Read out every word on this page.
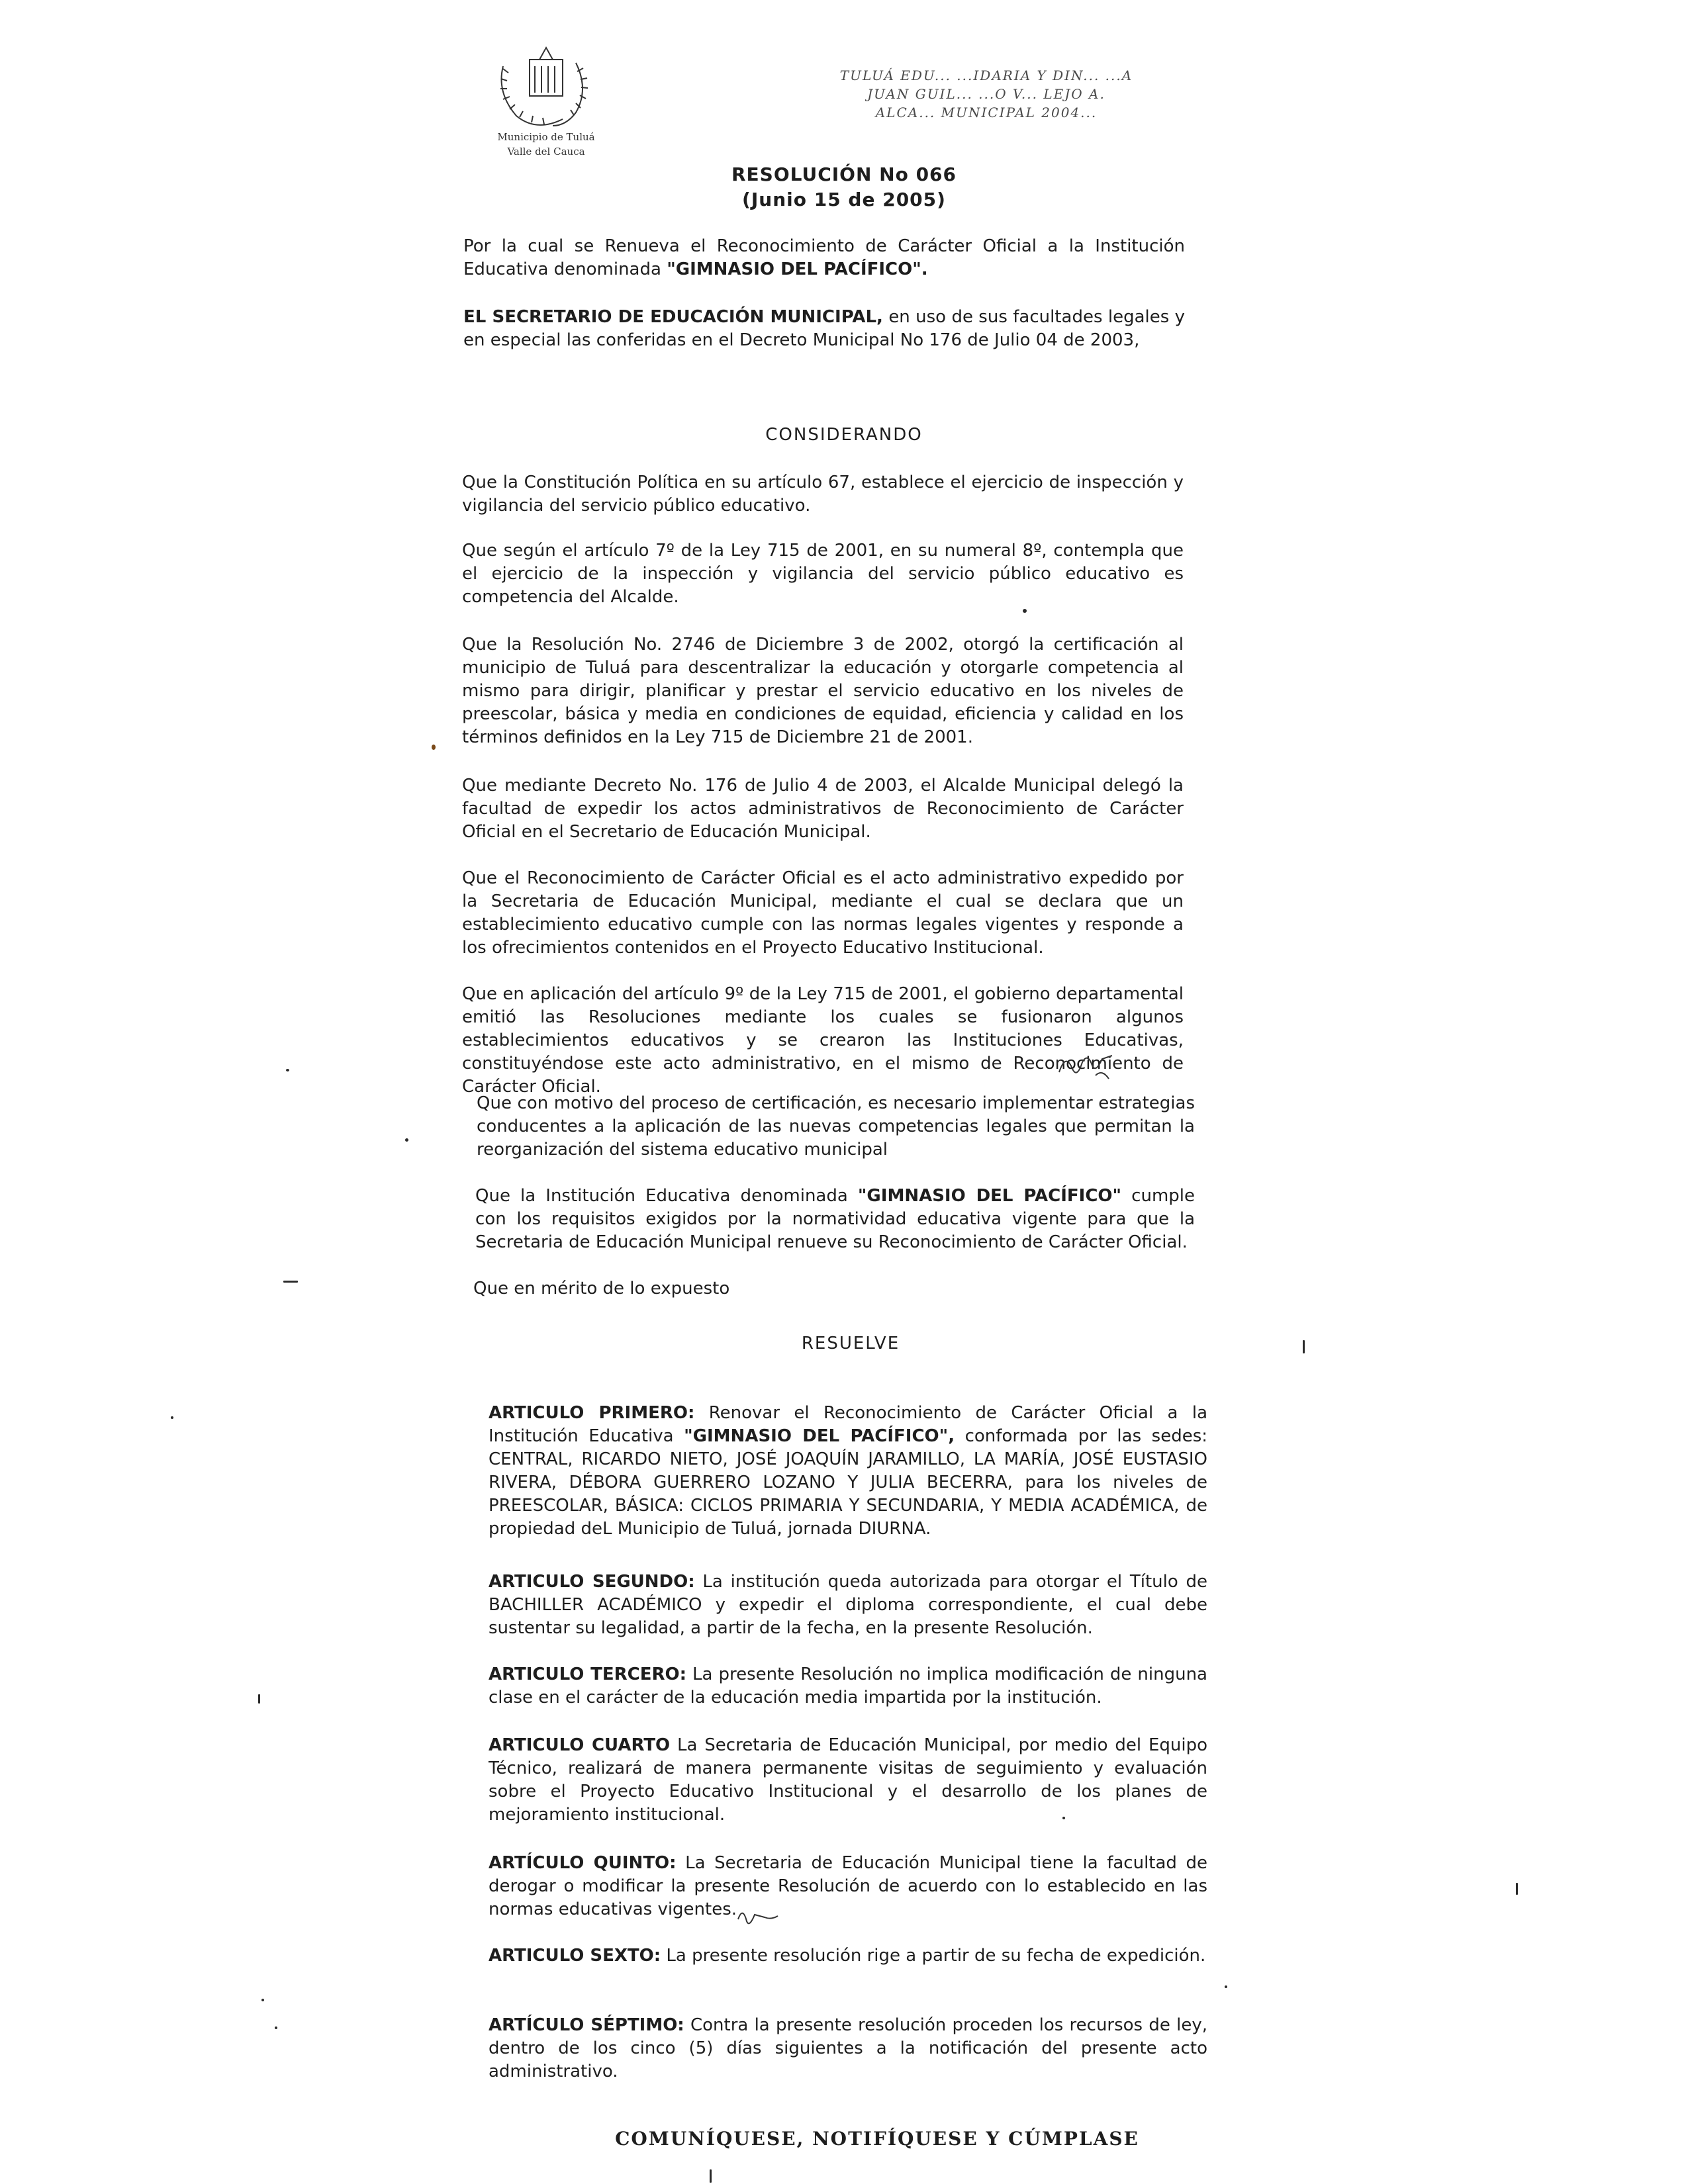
Municipio de Tuluá
Valle del Cauca
TULUÁ EDU... ...IDARIA Y DIN... ...A
JUAN GUIL... ...O V... LEJO A.
ALCA... MUNICIPAL 2004...
RESOLUCIÓN No 066
(Junio 15 de 2005)

Por la cual se Renueva el Reconocimiento de Carácter Oficial a la Institución Educativa denominada "GIMNASIO DEL PACÍFICO".

EL SECRETARIO DE EDUCACIÓN MUNICIPAL, en uso de sus facultades legales y en especial las conferidas en el Decreto Municipal No 176 de Julio 04 de 2003,

CONSIDERANDO

Que la Constitución Política en su artículo 67, establece el ejercicio de inspección y vigilancia del servicio público educativo.

Que según el artículo 7º de la Ley 715 de 2001, en su numeral 8º, contempla que el ejercicio de la inspección y vigilancia del servicio público educativo es competencia del Alcalde.

Que la Resolución No. 2746 de Diciembre 3 de 2002, otorgó la certificación al municipio de Tuluá para descentralizar la educación y otorgarle competencia al mismo para dirigir, planificar y prestar el servicio educativo en los niveles de preescolar, básica y media en condiciones de equidad, eficiencia y calidad en los términos definidos en la Ley 715 de Diciembre 21 de 2001.

Que mediante Decreto No. 176 de Julio 4 de 2003, el Alcalde Municipal delegó la facultad de expedir los actos administrativos de Reconocimiento de Carácter Oficial en el Secretario de Educación Municipal.

Que el Reconocimiento de Carácter Oficial es el acto administrativo expedido por la Secretaria de Educación Municipal, mediante el cual se declara que un establecimiento educativo cumple con las normas legales vigentes y responde a los ofrecimientos contenidos en el Proyecto Educativo Institucional.

Que en aplicación del artículo 9º de la Ley 715 de 2001, el gobierno departamental emitió las Resoluciones mediante los cuales se fusionaron algunos establecimientos educativos y se crearon las Instituciones Educativas, constituyéndose este acto administrativo, en el mismo de Reconocimiento de Carácter Oficial.

Que con motivo del proceso de certificación, es necesario implementar estrategias conducentes a la aplicación de las nuevas competencias legales que permitan la reorganización del sistema educativo municipal

Que la Institución Educativa denominada "GIMNASIO DEL PACÍFICO" cumple con los requisitos exigidos por la normatividad educativa vigente para que la Secretaria de Educación Municipal renueve su Reconocimiento de Carácter Oficial.

Que en mérito de lo expuesto

RESUELVE

ARTICULO PRIMERO: Renovar el Reconocimiento de Carácter Oficial a la Institución Educativa "GIMNASIO DEL PACÍFICO", conformada por las sedes: CENTRAL, RICARDO NIETO, JOSÉ JOAQUÍN JARAMILLO, LA MARÍA, JOSÉ EUSTASIO RIVERA, DÉBORA GUERRERO LOZANO Y JULIA BECERRA, para los niveles de PREESCOLAR, BÁSICA: CICLOS PRIMARIA Y SECUNDARIA, Y MEDIA ACADÉMICA, de propiedad deL Municipio de Tuluá, jornada DIURNA.

ARTICULO SEGUNDO: La institución queda autorizada para otorgar el Título de BACHILLER ACADÉMICO y expedir el diploma correspondiente, el cual debe sustentar su legalidad, a partir de la fecha, en la presente Resolución.

ARTICULO TERCERO: La presente Resolución no implica modificación de ninguna clase en el carácter de la educación media impartida por la institución.

ARTICULO CUARTO La Secretaria de Educación Municipal, por medio del Equipo Técnico, realizará de manera permanente visitas de seguimiento y evaluación sobre el Proyecto Educativo Institucional y el desarrollo de los planes de mejoramiento institucional.

ARTÍCULO QUINTO: La Secretaria de Educación Municipal tiene la facultad de derogar o modificar la presente Resolución de acuerdo con lo establecido en las normas educativas vigentes.

ARTICULO SEXTO: La presente resolución rige a partir de su fecha de expedición.

ARTÍCULO SÉPTIMO: Contra la presente resolución proceden los recursos de ley, dentro de los cinco (5) días siguientes a la notificación del presente acto administrativo.

COMUNÍQUESE, NOTIFÍQUESE Y CÚMPLASE
